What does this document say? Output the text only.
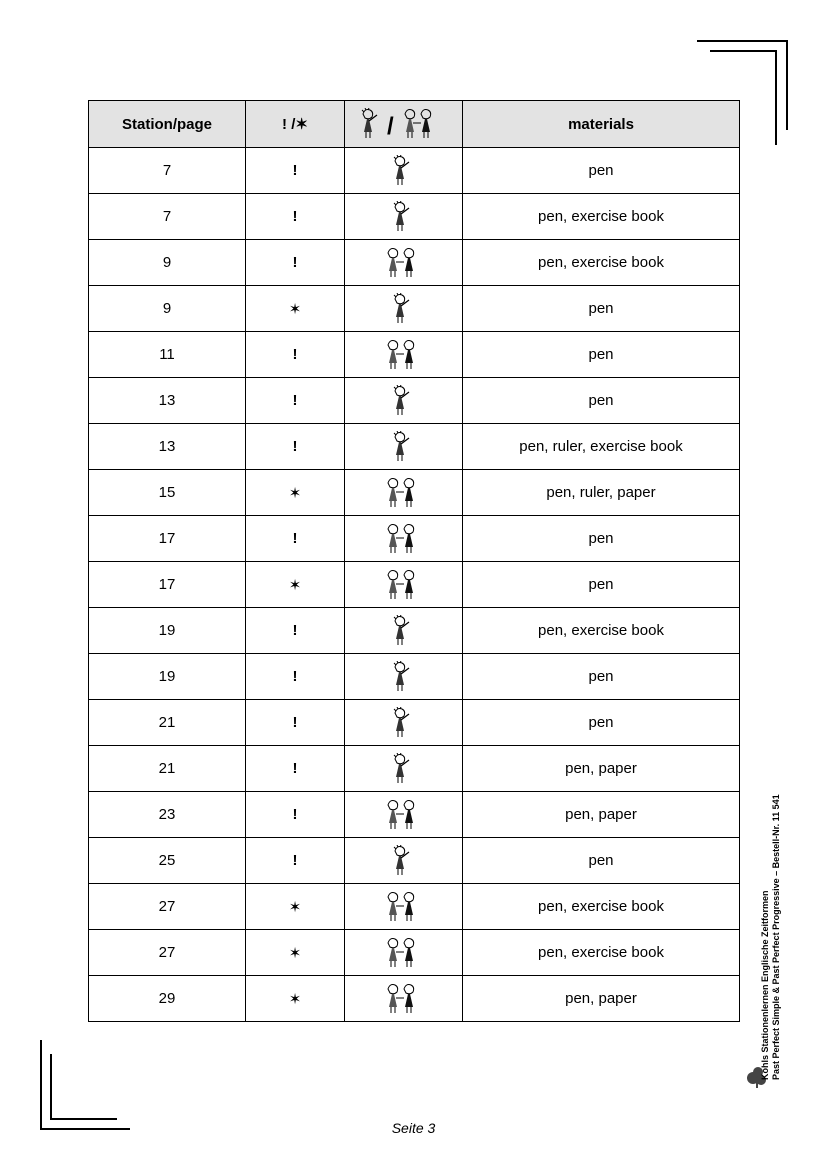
Station/page	! /✶	/	materials
7	!		pen
7	!		pen, exercise book
9	!		pen, exercise book
9	✶		pen
11	!		pen
13	!		pen
13	!		pen, ruler, exercise book
15	✶		pen, ruler, paper
17	!		pen
17	✶		pen
19	!		pen, exercise book
19	!		pen
21	!		pen
21	!		pen, paper
23	!		pen, paper
25	!		pen
27	✶		pen, exercise book
27	✶		pen, exercise book
29	✶		pen, paper	Kohls Stationenlernen Englische Zeitformen Past Perfect Simple & Past Perfect Progressive – Bestell-Nr. 11 541
Seite 3
